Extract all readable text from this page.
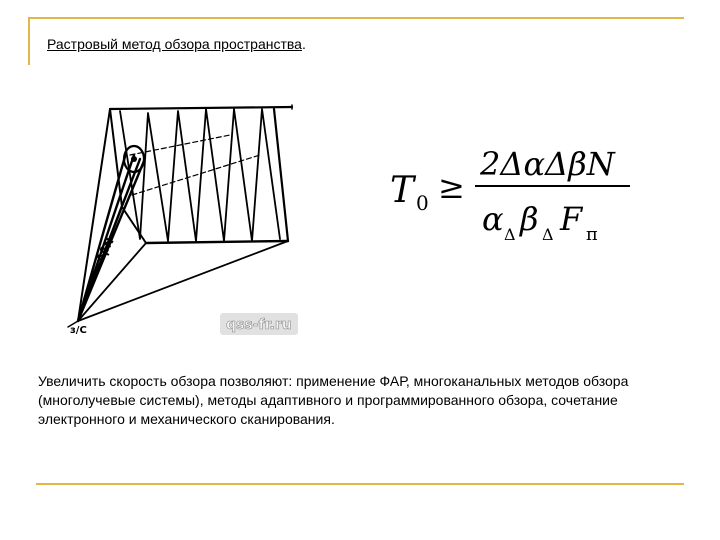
Растровый метод обзора пространства.
ΔβN
з/С	qss-fr.ru
T 0 ≥
2ΔαΔβN
α Δ β Δ F п
Увеличить скорость обзора позволяют: применение ФАР, многоканальных методов обзора (многолучевые системы), методы адаптивного и программированного обзора, сочетание электронного и механического сканирования.
